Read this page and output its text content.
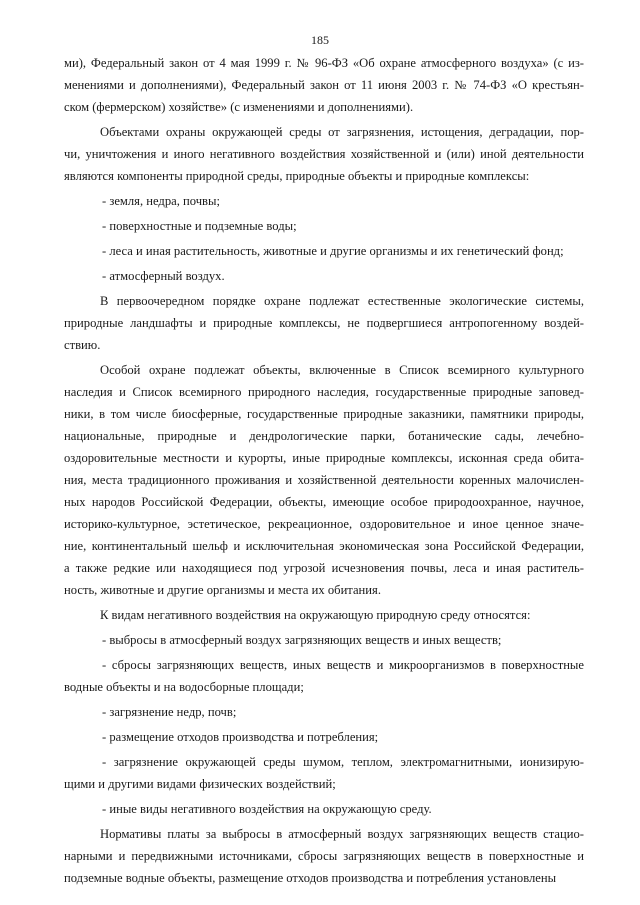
185
ми), Федеральный закон от 4 мая 1999 г. № 96-ФЗ «Об охране атмосферного воздуха» (с из-
менениями и дополнениями), Федеральный закон от 11 июня 2003 г. № 74-ФЗ «О крестьян-
ском (фермерском) хозяйстве» (с изменениями и дополнениями).
Объектами охраны окружающей среды от загрязнения, истощения, деградации, пор-
чи, уничтожения и иного негативного воздействия хозяйственной и (или) иной деятельности
являются компоненты природной среды, природные объекты и природные комплексы:
- земля, недра, почвы;
- поверхностные и подземные воды;
- леса и иная растительность, животные и другие организмы и их генетический фонд;
- атмосферный воздух.
В первоочередном порядке охране подлежат естественные экологические системы,
природные ландшафты и природные комплексы, не подвергшиеся антропогенному воздей-
ствию.
Особой охране подлежат объекты, включенные в Список всемирного культурного
наследия и Список всемирного природного наследия, государственные природные заповед-
ники, в том числе биосферные, государственные природные заказники, памятники природы,
национальные, природные и дендрологические парки, ботанические сады, лечебно-
оздоровительные местности и курорты, иные природные комплексы, исконная среда обита-
ния, места традиционного проживания и хозяйственной деятельности коренных малочислен-
ных народов Российской Федерации, объекты, имеющие особое природоохранное, научное,
историко-культурное, эстетическое, рекреационное, оздоровительное и иное ценное значе-
ние, континентальный шельф и исключительная экономическая зона Российской Федерации,
а также редкие или находящиеся под угрозой исчезновения почвы, леса и иная раститель-
ность, животные и другие организмы и места их обитания.
К видам негативного воздействия на окружающую природную среду относятся:
- выбросы в атмосферный воздух загрязняющих веществ и иных веществ;
- сбросы загрязняющих веществ, иных веществ и микроорганизмов в поверхностные
водные объекты и на водосборные площади;
- загрязнение недр, почв;
- размещение отходов производства и потребления;
- загрязнение окружающей среды шумом, теплом, электромагнитными, ионизирую-
щими и другими видами физических воздействий;
- иные виды негативного воздействия на окружающую среду.
Нормативы платы за выбросы в атмосферный воздух загрязняющих веществ стацио-
нарными и передвижными источниками, сбросы загрязняющих веществ в поверхностные и
подземные водные объекты, размещение отходов производства и потребления установлены
